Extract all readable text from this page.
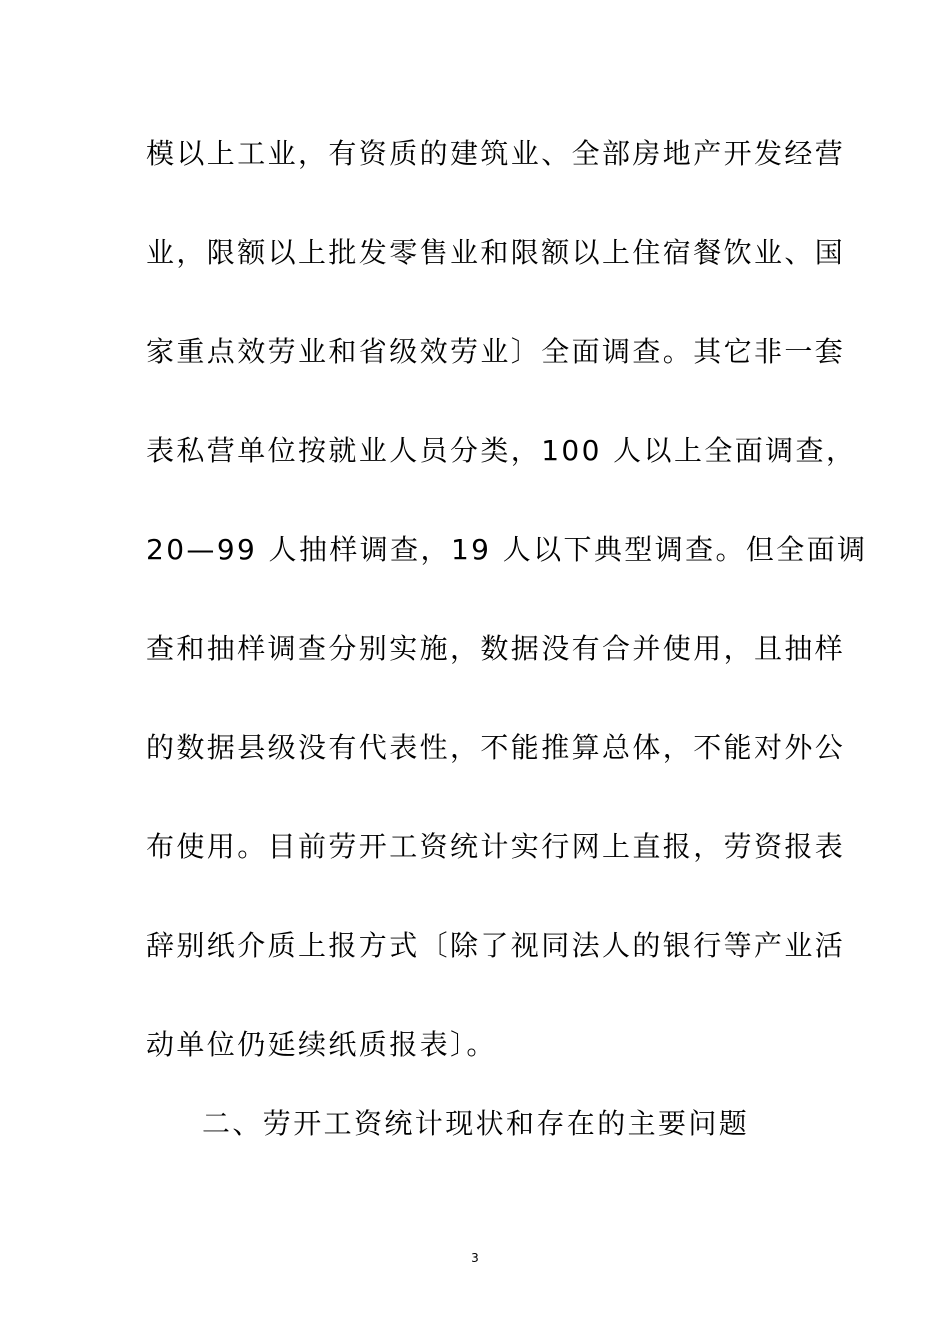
模以上工业，有资质的建筑业、全部房地产开发经营
业，限额以上批发零售业和限额以上住宿餐饮业、国
家重点效劳业和省级效劳业〕全面调查。其它非一套
表私营单位按就业人员分类，100 人以上全面调查，
20—99 人抽样调查，19 人以下典型调查。但全面调
查和抽样调查分别实施，数据没有合并使用，且抽样
的数据县级没有代表性，不能推算总体，不能对外公
布使用。目前劳开工资统计实行网上直报，劳资报表
辞别纸介质上报方式〔除了视同法人的银行等产业活
动单位仍延续纸质报表〕。
二、劳开工资统计现状和存在的主要问题
3
